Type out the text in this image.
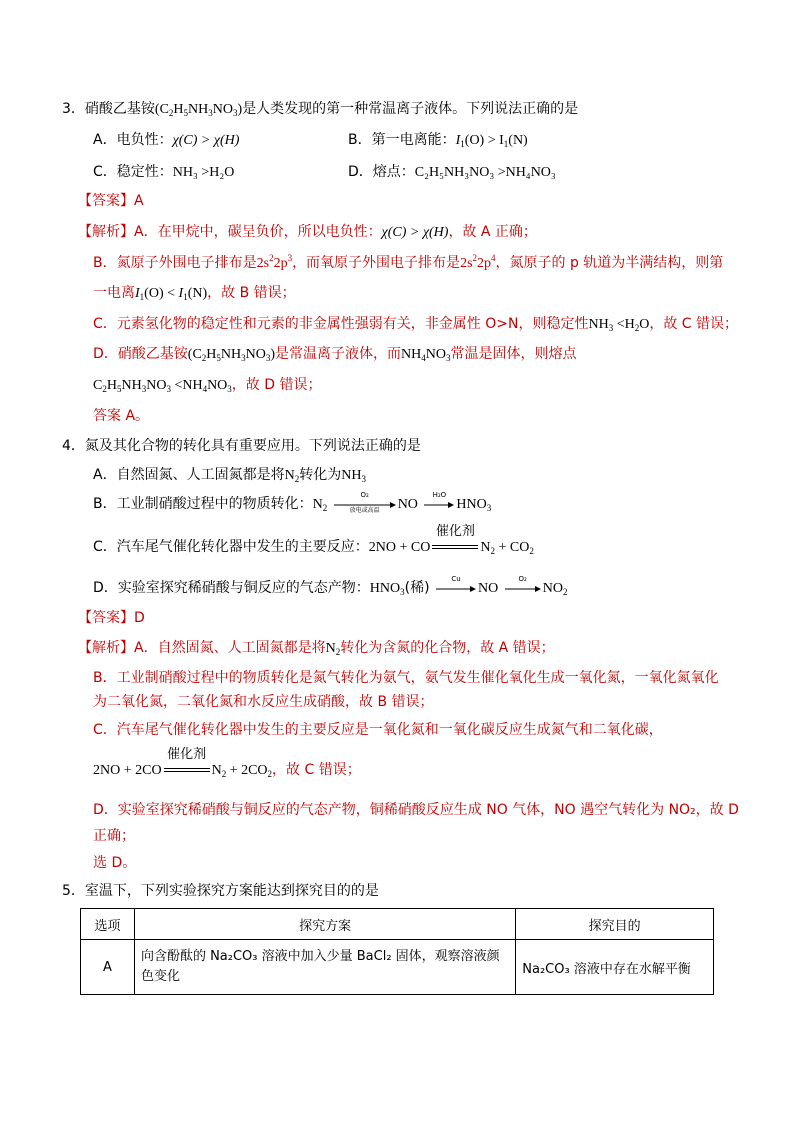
3．硝酸乙基铵$(C_2H_5NH_3NO_3)$是人类发现的第一种常温离子液体。下列说法正确的是
A．电负性：χ(C) > χ(H)	B．第一电离能：$I_1(O) > I_1(N)$
C．稳定性：NH₃ >H₂O	D．熔点：C₂H₅NH₃NO₃ >NH₄NO₃
【答案】A
【解析】A．在甲烷中，碳呈负价，所以电负性：χ(C) > χ(H)，故 A 正确；
B．氮原子外围电子排布是$2s^22p^3$，而氧原子外围电子排布是$2s^22p^4$，氮原子的 p 轨道为半满结构，则第
一电离$I_1(O) < I_1(N)$，故 B 错误；
C．元素氢化物的稳定性和元素的非金属性强弱有关，非金属性 O>N，则稳定性$NH_3 <H_2O$，故 C 错误；
D．硝酸乙基铵$(C_2H_5NH_3NO_3)$是常温离子液体，而$NH_4NO_3$常温是固体，则熔点
$C_2H_5NH_3NO_3 <NH_4NO_3$，故 D 错误；
答案 A。
4．氮及其化合物的转化具有重要应用。下列说法正确的是
A．自然固氮、人工固氮都是将$N_2$转化为$NH_3$
B．工业制硝酸过程中的物质转化：$N_2$
O₂
放电或高温	NO
H₂O
$HNO_3$
C．汽车尾气催化转化器中发生的主要反应：2NO + CO
催化剂
$N_2 + CO_2$
D．实验室探究稀硝酸与铜反应的气态产物：$HNO_3$(稀)
Cu
NO
O₂
$NO_2$
【答案】D
【解析】A．自然固氮、人工固氮都是将$N_2$转化为含氮的化合物，故 A 错误；
B．工业制硝酸过程中的物质转化是氮气转化为氨气，氨气发生催化氧化生成一氧化氮，一氧化氮氧化
为二氧化氮，二氧化氮和水反应生成硝酸，故 B 错误；
C．汽车尾气催化转化器中发生的主要反应是一氧化氮和一氧化碳反应生成氮气和二氧化碳，
2NO + 2CO
催化剂
$N_2 + 2CO_2$，故 C 错误；
D．实验室探究稀硝酸与铜反应的气态产物，铜稀硝酸反应生成 NO 气体，NO 遇空气转化为 NO₂，故 D
正确；
选 D。
5．室温下，下列实验探究方案能达到探究目的的是
选项	探究方案	探究目的
A	向含酚酞的 Na₂CO₃ 溶液中加入少量 BaCl₂ 固体，观察溶液颜
色变化	Na₂CO₃ 溶液中存在水解平衡
